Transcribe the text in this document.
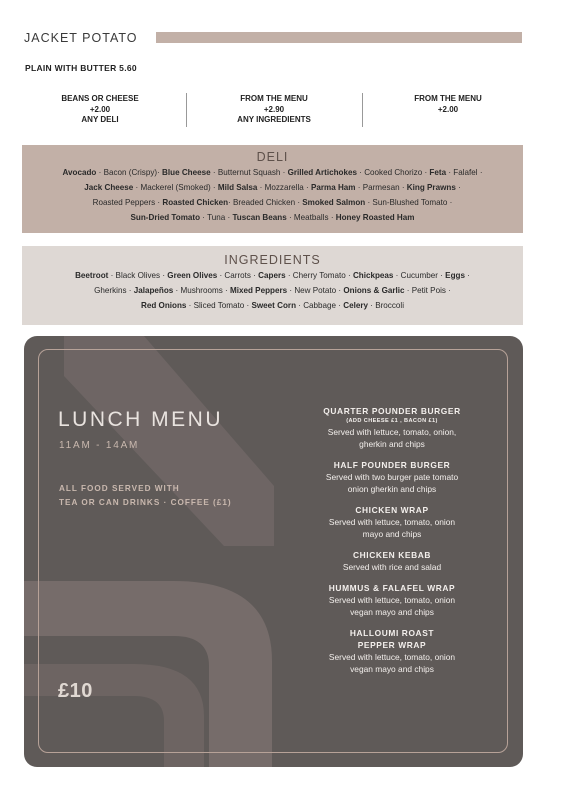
JACKET POTATO
PLAIN WITH BUTTER 5.60
BEANS OR CHEESE
+2.00
ANY DELI
FROM THE MENU
+2.90
ANY INGREDIENTS
FROM THE MENU
+2.00
DELI
Avocado · Bacon (Crispy)· Blue Cheese · Butternut Squash · Grilled Artichokes · Cooked Chorizo · Feta · Falafel ·
Jack Cheese · Mackerel (Smoked) · Mild Salsa · Mozzarella · Parma Ham · Parmesan · King Prawns ·
Roasted Peppers · Roasted Chicken· Breaded Chicken · Smoked Salmon · Sun-Blushed Tomato ·
Sun-Dried Tomato · Tuna · Tuscan Beans · Meatballs · Honey Roasted Ham
INGREDIENTS
Beetroot · Black Olives · Green Olives · Carrots · Capers · Cherry Tomato · Chickpeas · Cucumber · Eggs ·
Gherkins · Jalapeños · Mushrooms · Mixed Peppers · New Potato · Onions & Garlic · Petit Pois ·
Red Onions · Sliced Tomato · Sweet Corn · Cabbage · Celery · Broccoli
LUNCH MENU
11AM - 14AM
ALL FOOD SERVED WITH
TEA OR CAN DRINKS · COFFEE (£1)
£10
QUARTER POUNDER BURGER
(ADD CHEESE £1 , BACON £1)
Served with lettuce, tomato, onion,
gherkin and chips
HALF POUNDER BURGER
Served with two burger pate tomato
onion gherkin and chips
CHICKEN WRAP
Served with lettuce, tomato, onion
mayo and chips
CHICKEN KEBAB
Served with rice and salad
HUMMUS & FALAFEL WRAP
Served with lettuce, tomato, onion
vegan mayo and chips
HALLOUMI ROAST PEPPER WRAP
Served with lettuce, tomato, onion
vegan mayo and chips
